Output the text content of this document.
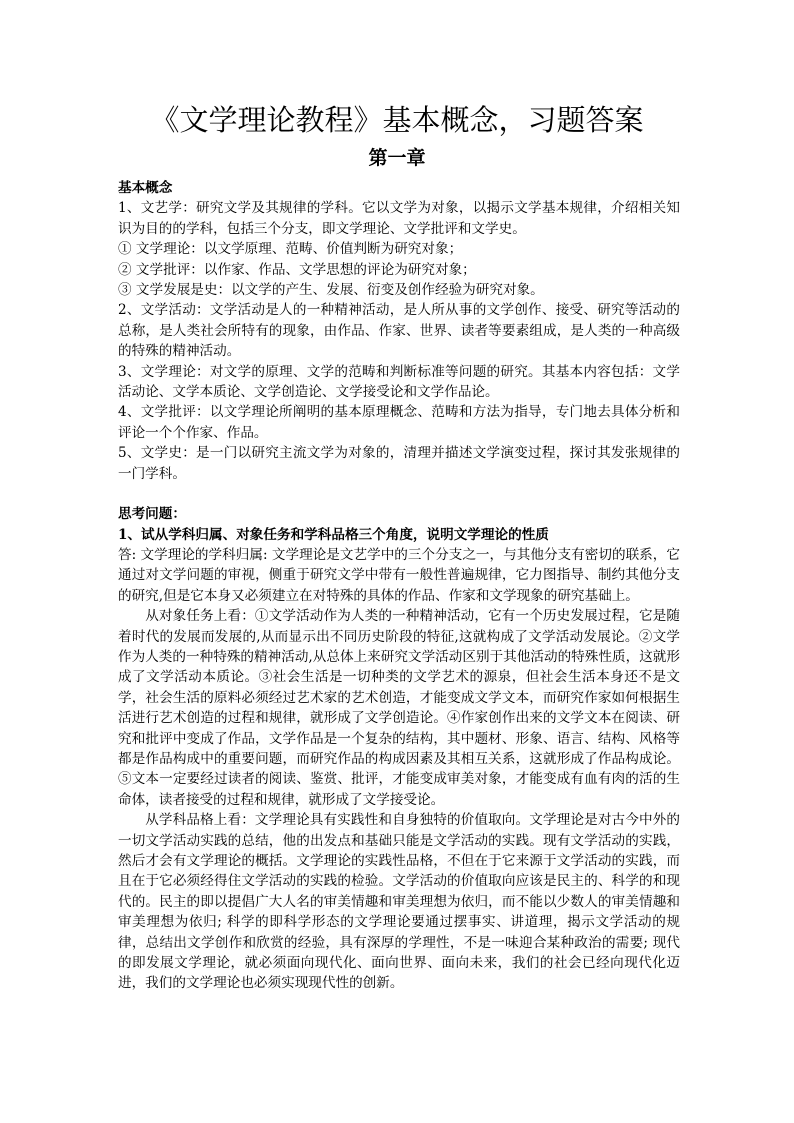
《文学理论教程》基本概念，习题答案
第一章

基本概念

1、文艺学：研究文学及其规律的学科。它以文学为对象，以揭示文学基本规律，介绍相关知识为目的的学科，包括三个分支，即文学理论、文学批评和文学史。

① 文学理论：以文学原理、范畴、价值判断为研究对象；

② 文学批评：以作家、作品、文学思想的评论为研究对象；

③ 文学发展是史：以文学的产生、发展、衍变及创作经验为研究对象。

2、文学活动：文学活动是人的一种精神活动，是人所从事的文学创作、接受、研究等活动的总称，是人类社会所特有的现象，由作品、作家、世界、读者等要素组成，是人类的一种高级的特殊的精神活动。

3、文学理论：对文学的原理、文学的范畴和判断标准等问题的研究。其基本内容包括：文学活动论、文学本质论、文学创造论、文学接受论和文学作品论。

4、文学批评：以文学理论所阐明的基本原理概念、范畴和方法为指导，专门地去具体分析和评论一个个作家、作品。

5、文学史：是一门以研究主流文学为对象的，清理并描述文学演变过程，探讨其发张规律的一门学科。

思考问题：

1、试从学科归属、对象任务和学科品格三个角度，说明文学理论的性质

答: 文学理论的学科归属: 文学理论是文艺学中的三个分支之一，与其他分支有密切的联系，它通过对文学问题的审视，侧重于研究文学中带有一般性普遍规律，它力图指导、制约其他分支的研究,但是它本身又必须建立在对特殊的具体的作品、作家和文学现象的研究基础上。

从对象任务上看：①文学活动作为人类的一种精神活动，它有一个历史发展过程，它是随着时代的发展而发展的,从而显示出不同历史阶段的特征,这就构成了文学活动发展论。②文学作为人类的一种特殊的精神活动,从总体上来研究文学活动区别于其他活动的特殊性质，这就形成了文学活动本质论。③社会生活是一切种类的文学艺术的源泉，但社会生活本身还不是文学，社会生活的原料必须经过艺术家的艺术创造，才能变成文学文本，而研究作家如何根据生活进行艺术创造的过程和规律，就形成了文学创造论。④作家创作出来的文学文本在阅读、研究和批评中变成了作品，文学作品是一个复杂的结构，其中题材、形象、语言、结构、风格等都是作品构成中的重要问题，而研究作品的构成因素及其相互关系，这就形成了作品构成论。⑤文本一定要经过读者的阅读、鉴赏、批评，才能变成审美对象，才能变成有血有肉的活的生命体，读者接受的过程和规律，就形成了文学接受论。

从学科品格上看：文学理论具有实践性和自身独特的价值取向。文学理论是对古今中外的一切文学活动实践的总结，他的出发点和基础只能是文学活动的实践。现有文学活动的实践，然后才会有文学理论的概括。文学理论的实践性品格，不但在于它来源于文学活动的实践，而且在于它必须经得住文学活动的实践的检验。文学活动的价值取向应该是民主的、科学的和现代的。民主的即以提倡广大人名的审美情趣和审美理想为依归，而不能以少数人的审美情趣和审美理想为依归; 科学的即科学形态的文学理论要通过摆事实、讲道理，揭示文学活动的规律，总结出文学创作和欣赏的经验，具有深厚的学理性，不是一味迎合某种政治的需要; 现代的即发展文学理论，就必须面向现代化、面向世界、面向未来，我们的社会已经向现代化迈进，我们的文学理论也必须实现现代性的创新。
